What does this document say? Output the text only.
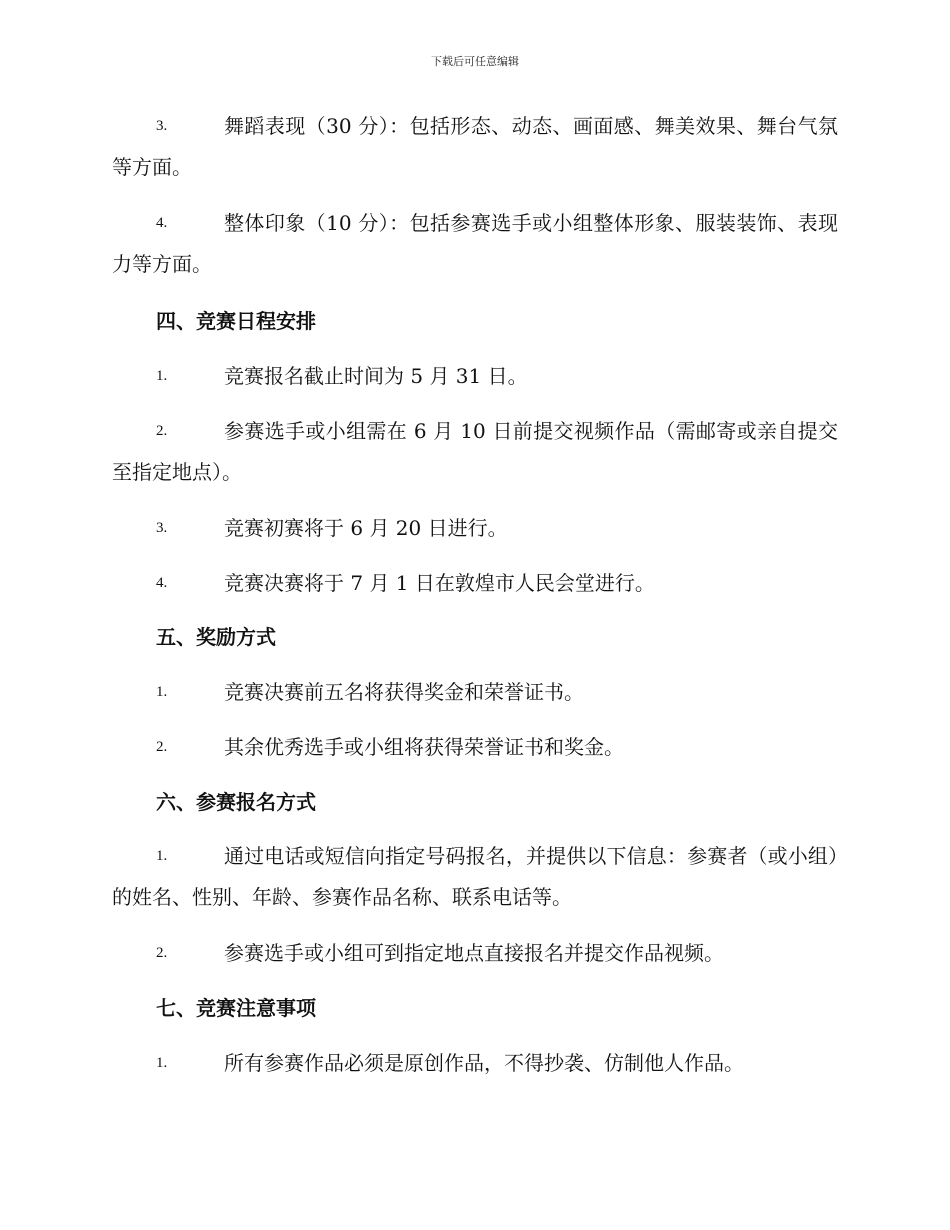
下载后可任意编辑
3.	舞蹈表现（30 分）：包括形态、动态、画面感、舞美效果、舞台气氛等方面。
4.	整体印象（10 分）：包括参赛选手或小组整体形象、服装装饰、表现力等方面。
四、竞赛日程安排
1.	竞赛报名截止时间为 5 月 31 日。
2.	参赛选手或小组需在 6 月 10 日前提交视频作品（需邮寄或亲自提交至指定地点）。
3.	竞赛初赛将于 6 月 20 日进行。
4.	竞赛决赛将于 7 月 1 日在敦煌市人民会堂进行。
五、奖励方式
1.	竞赛决赛前五名将获得奖金和荣誉证书。
2.	其余优秀选手或小组将获得荣誉证书和奖金。
六、参赛报名方式
1.	通过电话或短信向指定号码报名，并提供以下信息：参赛者（或小组）的姓名、性别、年龄、参赛作品名称、联系电话等。
2.	参赛选手或小组可到指定地点直接报名并提交作品视频。
七、竞赛注意事项
1.	所有参赛作品必须是原创作品，不得抄袭、仿制他人作品。
